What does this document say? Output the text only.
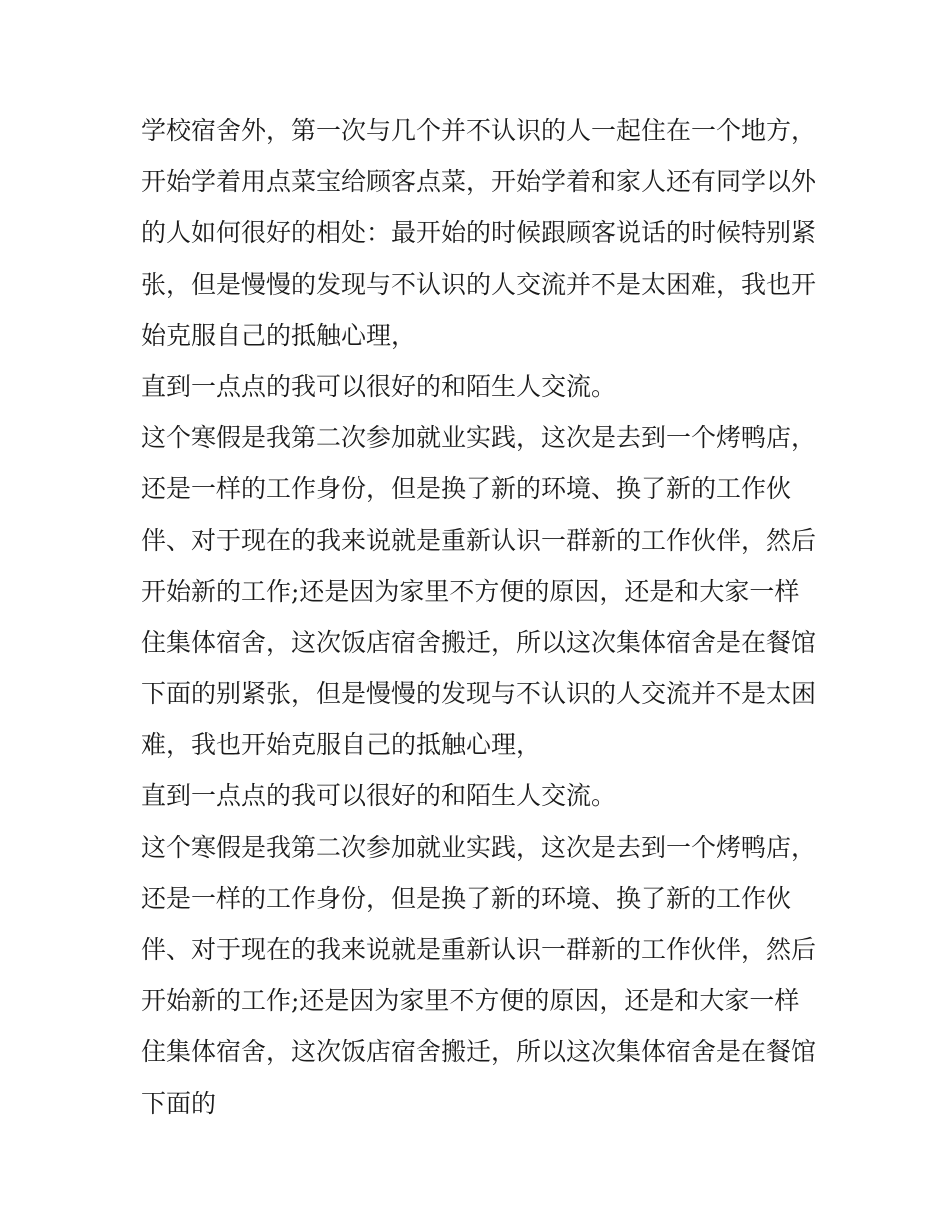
学校宿舍外，第一次与几个并不认识的人一起住在一个地方，
开始学着用点菜宝给顾客点菜，开始学着和家人还有同学以外
的人如何很好的相处：最开始的时候跟顾客说话的时候特别紧
张，但是慢慢的发现与不认识的人交流并不是太困难，我也开
始克服自己的抵触心理，
直到一点点的我可以很好的和陌生人交流。
这个寒假是我第二次参加就业实践，这次是去到一个烤鸭店，
还是一样的工作身份，但是换了新的环境、换了新的工作伙
伴、对于现在的我来说就是重新认识一群新的工作伙伴，然后
开始新的工作;还是因为家里不方便的原因，还是和大家一样
住集体宿舍，这次饭店宿舍搬迁，所以这次集体宿舍是在餐馆
下面的别紧张，但是慢慢的发现与不认识的人交流并不是太困
难，我也开始克服自己的抵触心理，
直到一点点的我可以很好的和陌生人交流。
这个寒假是我第二次参加就业实践，这次是去到一个烤鸭店，
还是一样的工作身份，但是换了新的环境、换了新的工作伙
伴、对于现在的我来说就是重新认识一群新的工作伙伴，然后
开始新的工作;还是因为家里不方便的原因，还是和大家一样
住集体宿舍，这次饭店宿舍搬迁，所以这次集体宿舍是在餐馆
下面的
